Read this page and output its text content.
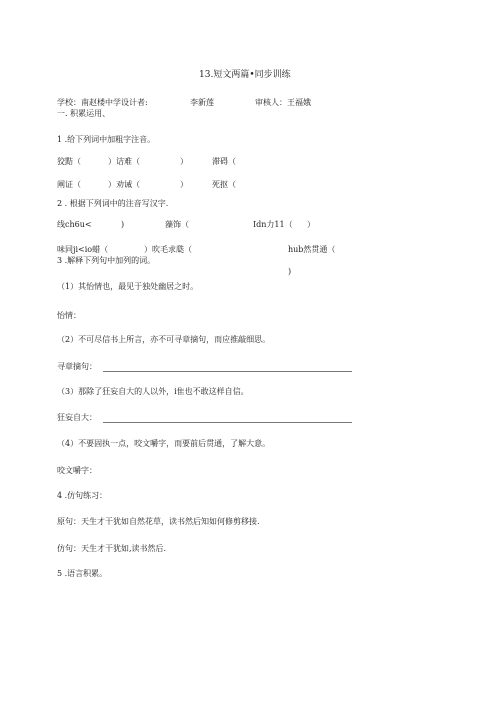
13.短文两篇•同步训练
学校：南赵楼中学设计者:	李新莲	审核人：王福娥
一. 积累运用、
1 .给下列词中加粗字注音。
狡黠（	）诘难（	）	滞碍（
阐证（	）劝诫（	）	死抠（
2 . 根据下列词中的注音写汉字.
线ch6u<	)	藻饰（	Idn力11（ ）
味同ji<io蜡（	）吹毛求瓞（	hub然贯通（
3 .解释下列句中加列的词。
)
（1）其怡情也，最见于独处幽居之时。
怡情：
（2）不可尽信书上所言，亦不可寻章摘句，而应推敲细思。
寻章摘句：
（3）那除了狂妄自大的人以外，i隹也不敢这样自信。
狂妄自大：
（4）不要固执一点，咬文嚼字，而要前后贯通，了解大意。
咬文嚼字：
4 .仿句练习：
原句：天生才干犹如自然花草，读书然后知如何修剪移接.
仿句：天生才干犹如,读书然后.
5 .语言积累。
